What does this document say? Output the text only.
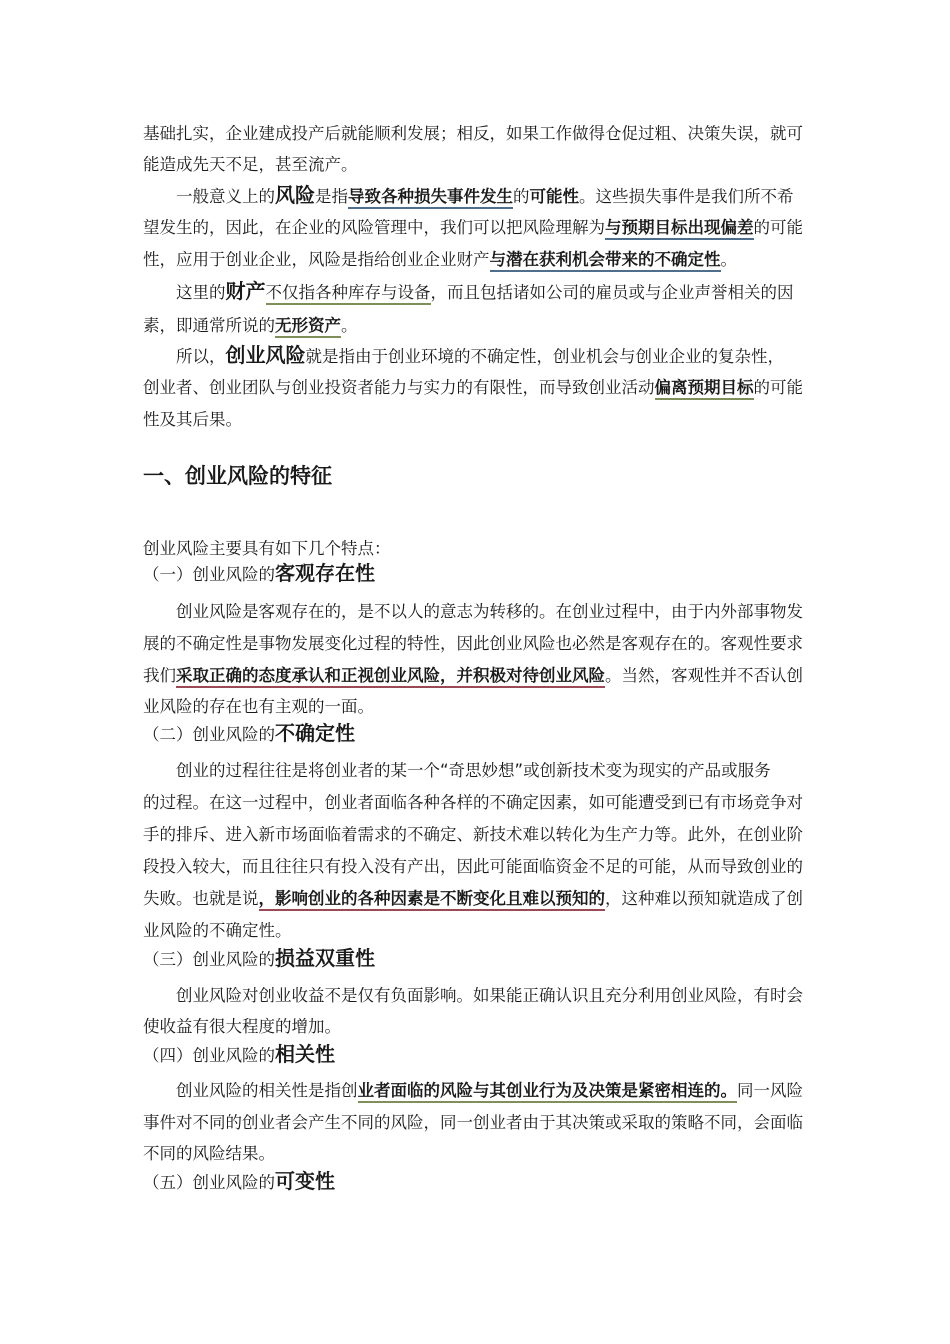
基础扎实，企业建成投产后就能顺利发展；相反，如果工作做得仓促过粗、决策失误，就可
能造成先天不足，甚至流产。
一般意义上的风险是指导致各种损失事件发生的可能性。这些损失事件是我们所不希
望发生的，因此，在企业的风险管理中，我们可以把风险理解为与预期目标出现偏差的可能
性，应用于创业企业，风险是指给创业企业财产与潜在获利机会带来的不确定性。
这里的财产不仅指各种库存与设备，而且包括诸如公司的雇员或与企业声誉相关的因
素，即通常所说的无形资产。
所以，创业风险就是指由于创业环境的不确定性，创业机会与创业企业的复杂性，
创业者、创业团队与创业投资者能力与实力的有限性，而导致创业活动偏离预期目标的可能
性及其后果。
一、创业风险的特征
创业风险主要具有如下几个特点：
（一）创业风险的客观存在性
创业风险是客观存在的，是不以人的意志为转移的。在创业过程中，由于内外部事物发
展的不确定性是事物发展变化过程的特性，因此创业风险也必然是客观存在的。客观性要求
我们采取正确的态度承认和正视创业风险，并积极对待创业风险。当然，客观性并不否认创
业风险的存在也有主观的一面。
（二）创业风险的不确定性
创业的过程往往是将创业者的某一个“奇思妙想”或创新技术变为现实的产品或服务
的过程。在这一过程中，创业者面临各种各样的不确定因素，如可能遭受到已有市场竞争对
手的排斥、进入新市场面临着需求的不确定、新技术难以转化为生产力等。此外，在创业阶
段投入较大，而且往往只有投入没有产出，因此可能面临资金不足的可能，从而导致创业的
失败。也就是说，影响创业的各种因素是不断变化且难以预知的，这种难以预知就造成了创
业风险的不确定性。
（三）创业风险的损益双重性
创业风险对创业收益不是仅有负面影响。如果能正确认识且充分利用创业风险，有时会
使收益有很大程度的增加。
（四）创业风险的相关性
创业风险的相关性是指创业者面临的风险与其创业行为及决策是紧密相连的。同一风险
事件对不同的创业者会产生不同的风险，同一创业者由于其决策或采取的策略不同，会面临
不同的风险结果。
（五）创业风险的可变性
